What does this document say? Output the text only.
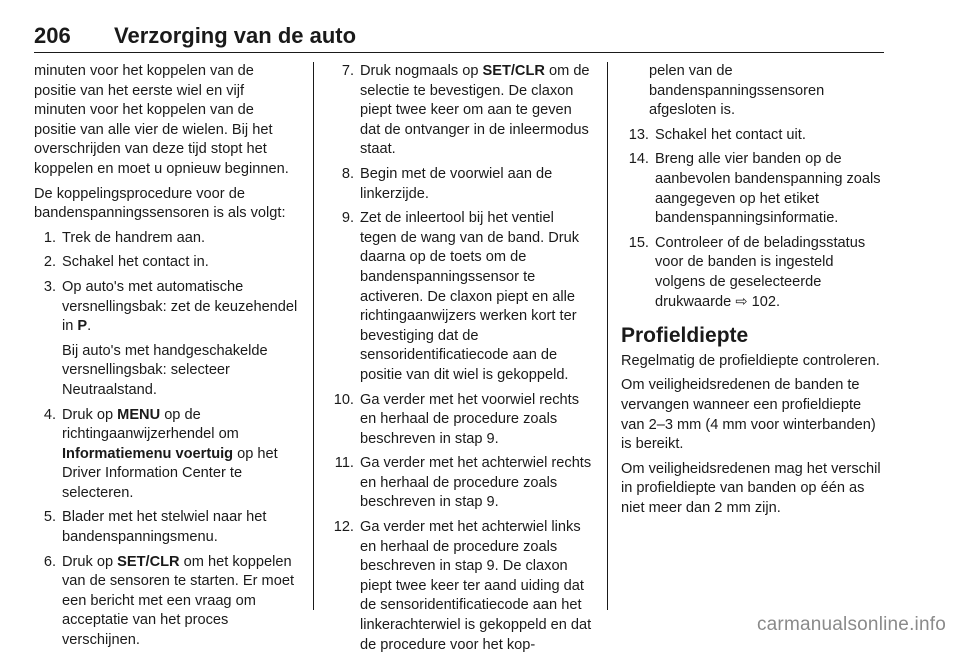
206	Verzorging van de auto

minuten voor het koppelen van de positie van het eerste wiel en vijf minuten voor het koppelen van de positie van alle vier de wielen. Bij het overschrijden van deze tijd stopt het koppelen en moet u opnieuw beginnen.

De koppelingsprocedure voor de bandenspanningssensoren is als volgt:

1. Trek de handrem aan.
2. Schakel het contact in.
3. Op auto's met automatische versnellingsbak: zet de keuzehendel in P.
Bij auto's met handgeschakelde versnellingsbak: selecteer Neutraalstand.
4. Druk op MENU op de richtingaanwijzerhendel om Informatiemenu voertuig op het Driver Information Center te selecteren.
5. Blader met het stelwiel naar het bandenspanningsmenu.
6. Druk op SET/CLR om het koppelen van de sensoren te starten. Er moet een bericht met een vraag om acceptatie van het proces verschijnen.
7. Druk nogmaals op SET/CLR om de selectie te bevestigen. De claxon piept twee keer om aan te geven dat de ontvanger in de inleermodus staat.
8. Begin met de voorwiel aan de linkerzijde.
9. Zet de inleertool bij het ventiel tegen de wang van de band. Druk daarna op de toets om de bandenspanningssensor te activeren. De claxon piept en alle richtingaanwijzers werken kort ter bevestiging dat de sensoridentificatiecode aan de positie van dit wiel is gekoppeld.
10. Ga verder met het voorwiel rechts en herhaal de procedure zoals beschreven in stap 9.
11. Ga verder met het achterwiel rechts en herhaal de procedure zoals beschreven in stap 9.
12. Ga verder met het achterwiel links en herhaal de procedure zoals beschreven in stap 9. De claxon piept twee keer ter aand uiding dat de sensoridentificatiecode aan het linkerachterwiel is gekoppeld en dat de procedure voor het kop-
pelen van de bandenspanningssensoren afgesloten is.
13. Schakel het contact uit.
14. Breng alle vier banden op de aanbevolen bandenspanning zoals aangegeven op het etiket bandenspanningsinformatie.
15. Controleer of de beladingsstatus voor de banden is ingesteld volgens de geselecteerde drukwaarde ⇨ 102.
Profieldiepte

Regelmatig de profieldiepte controleren.

Om veiligheidsredenen de banden te vervangen wanneer een profieldiepte van 2–3 mm (4 mm voor winterbanden) is bereikt.

Om veiligheidsredenen mag het verschil in profieldiepte van banden op één as niet meer dan 2 mm zijn.

carmanualsonline.info
